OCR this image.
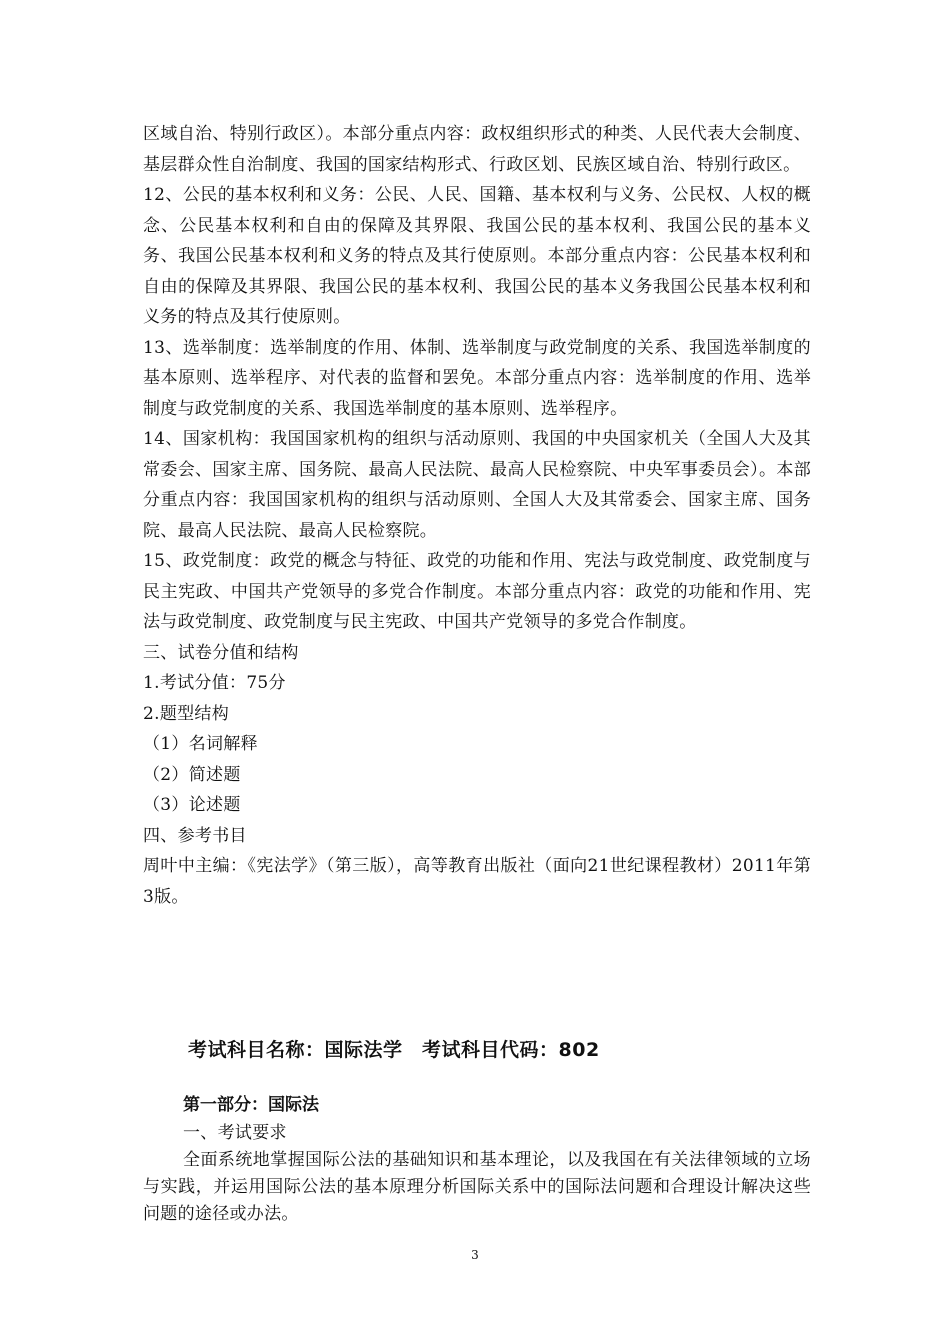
区域自治、特别行政区）。本部分重点内容：政权组织形式的种类、人民代表大会制度、基层群众性自治制度、我国的国家结构形式、行政区划、民族区域自治、特别行政区。

12、公民的基本权利和义务：公民、人民、国籍、基本权利与义务、公民权、人权的概念、公民基本权利和自由的保障及其界限、我国公民的基本权利、我国公民的基本义务、我国公民基本权利和义务的特点及其行使原则。本部分重点内容：公民基本权利和自由的保障及其界限、我国公民的基本权利、我国公民的基本义务我国公民基本权利和义务的特点及其行使原则。

13、选举制度：选举制度的作用、体制、选举制度与政党制度的关系、我国选举制度的基本原则、选举程序、对代表的监督和罢免。本部分重点内容：选举制度的作用、选举制度与政党制度的关系、我国选举制度的基本原则、选举程序。

14、国家机构：我国国家机构的组织与活动原则、我国的中央国家机关（全国人大及其常委会、国家主席、国务院、最高人民法院、最高人民检察院、中央军事委员会）。本部分重点内容：我国国家机构的组织与活动原则、全国人大及其常委会、国家主席、国务院、最高人民法院、最高人民检察院。

15、政党制度：政党的概念与特征、政党的功能和作用、宪法与政党制度、政党制度与民主宪政、中国共产党领导的多党合作制度。本部分重点内容：政党的功能和作用、宪法与政党制度、政党制度与民主宪政、中国共产党领导的多党合作制度。

三、试卷分值和结构

1.考试分值：75分

2.题型结构

（1）名词解释

（2）简述题

（3）论述题

四、参考书目

周叶中主编：《宪法学》（第三版），高等教育出版社（面向21世纪课程教材）2011年第3版。

考试科目名称：国际法学　考试科目代码：802

第一部分：国际法

一、考试要求

全面系统地掌握国际公法的基础知识和基本理论，以及我国在有关法律领域的立场与实践，并运用国际公法的基本原理分析国际关系中的国际法问题和合理设计解决这些问题的途径或办法。

3
